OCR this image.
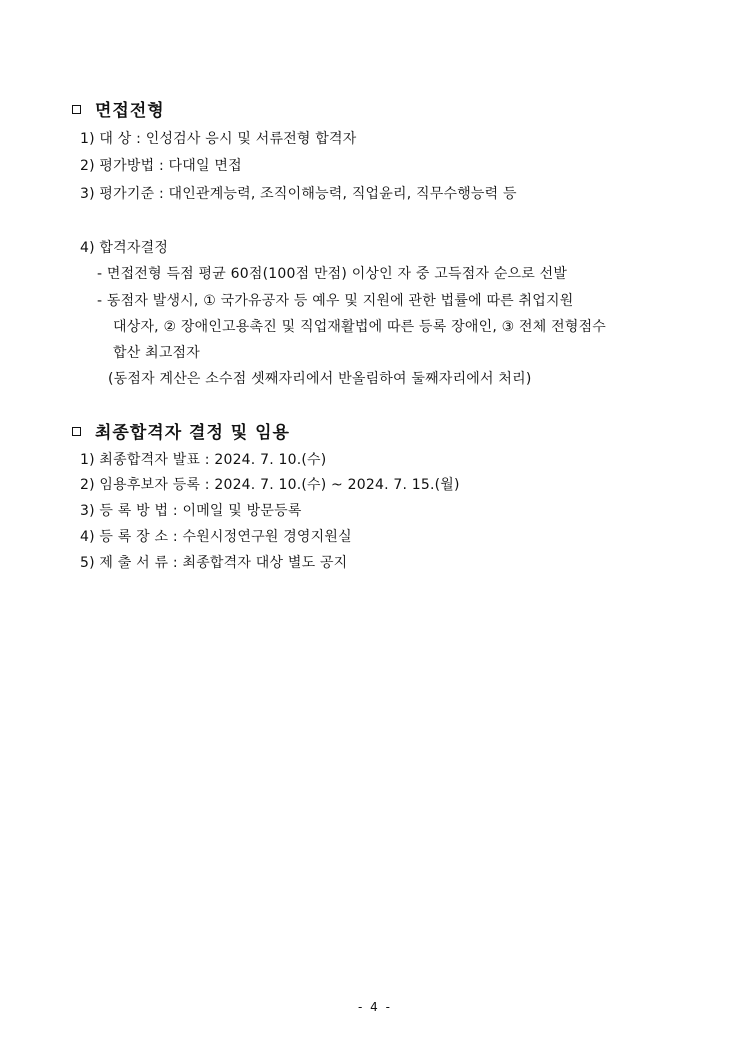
면접전형
1) 대 상 : 인성검사 응시 및 서류전형 합격자
2) 평가방법 : 다대일 면접
3) 평가기준 : 대인관계능력, 조직이해능력, 직업윤리, 직무수행능력 등
4) 합격자결정
- 면접전형 득점 평균 60점(100점 만점) 이상인 자 중 고득점자 순으로 선발
- 동점자 발생시, ① 국가유공자 등 예우 및 지원에 관한 법률에 따른 취업지원
대상자, ② 장애인고용촉진 및 직업재활법에 따른 등록 장애인, ③ 전체 전형점수
합산 최고점자
(동점자 계산은 소수점 셋째자리에서 반올림하여 둘째자리에서 처리)
최종합격자 결정 및 임용
1) 최종합격자 발표 : 2024. 7. 10.(수)
2) 임용후보자 등록 : 2024. 7. 10.(수) ~ 2024. 7. 15.(월)
3) 등 록 방 법 : 이메일 및 방문등록
4) 등 록 장 소 : 수원시정연구원 경영지원실
5) 제 출 서 류 : 최종합격자 대상 별도 공지
- 4 -
